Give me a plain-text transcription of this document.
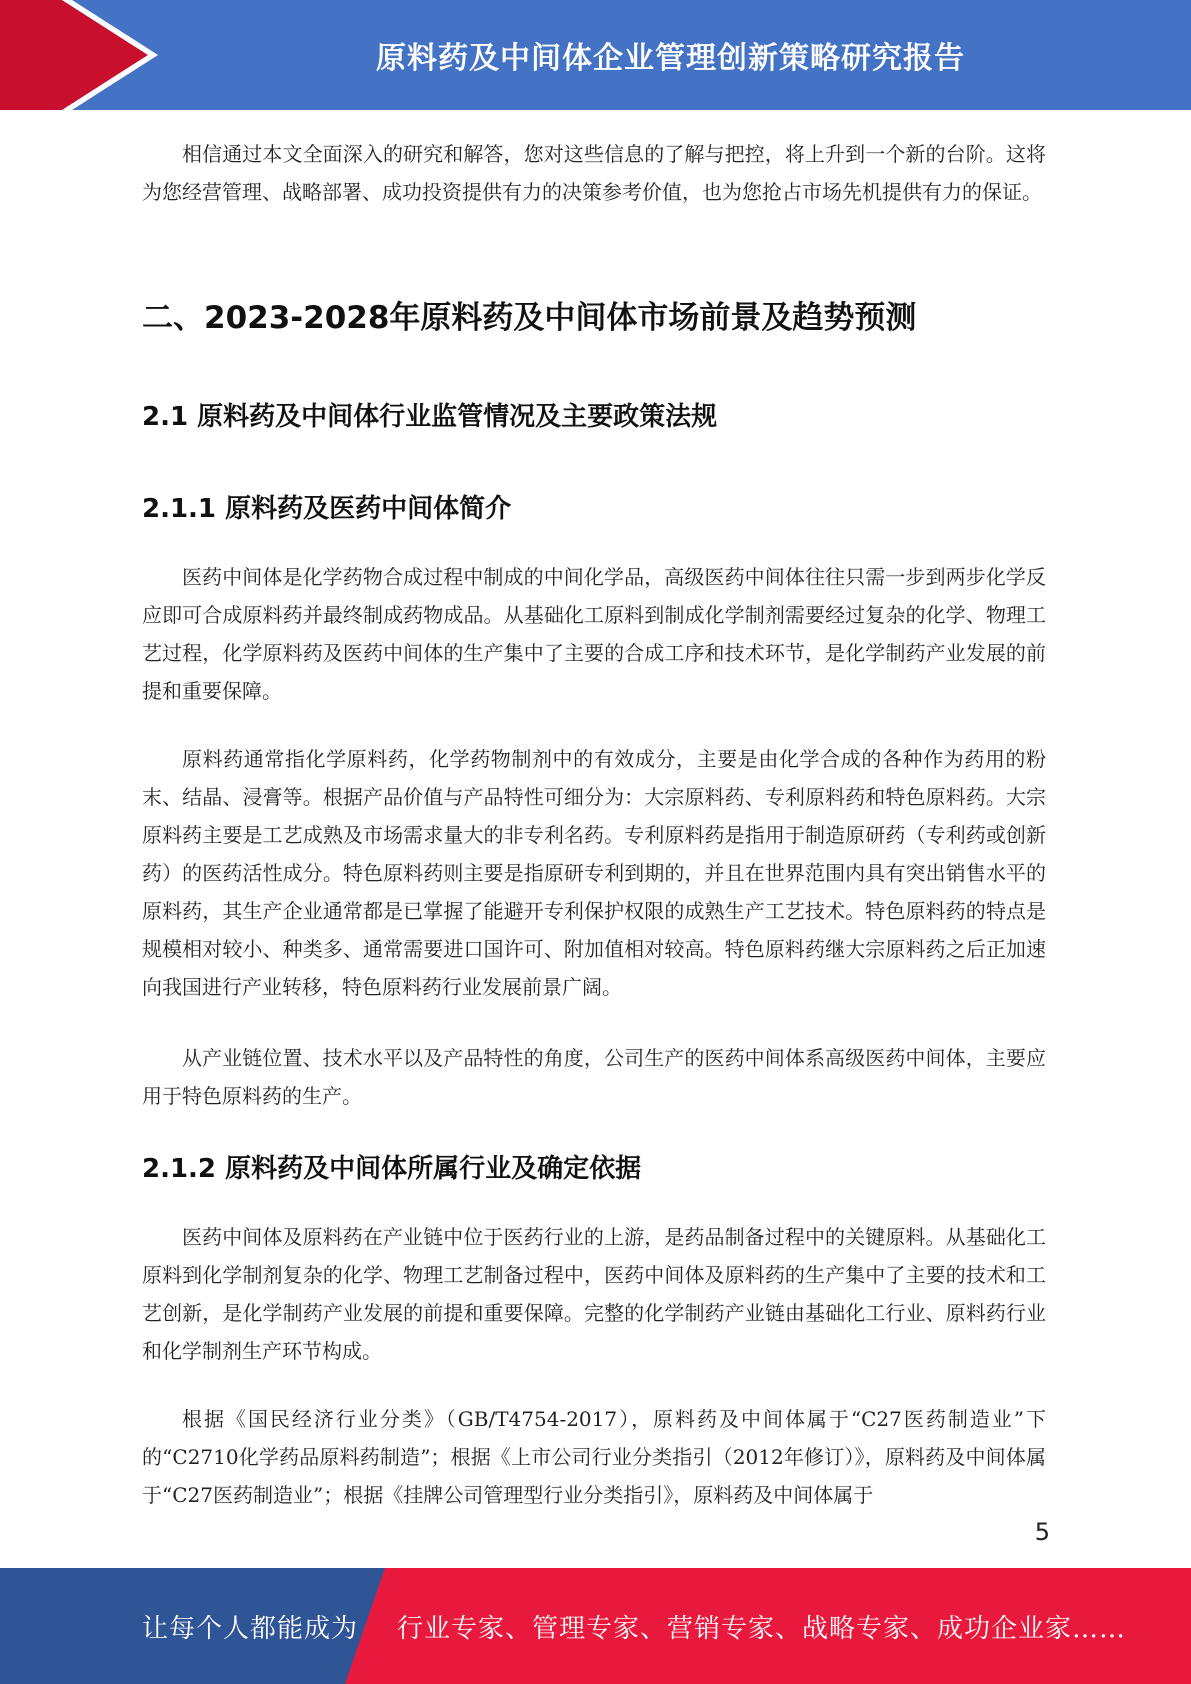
原料药及中间体企业管理创新策略研究报告

相信通过本文全面深入的研究和解答，您对这些信息的了解与把控，将上升到一个新的台阶。这将为您经营管理、战略部署、成功投资提供有力的决策参考价值，也为您抢占市场先机提供有力的保证。

二、2023-2028年原料药及中间体市场前景及趋势预测
2.1 原料药及中间体行业监管情况及主要政策法规
2.1.1 原料药及医药中间体简介

医药中间体是化学药物合成过程中制成的中间化学品，高级医药中间体往往只需一步到两步化学反应即可合成原料药并最终制成药物成品。从基础化工原料到制成化学制剂需要经过复杂的化学、物理工艺过程，化学原料药及医药中间体的生产集中了主要的合成工序和技术环节，是化学制药产业发展的前提和重要保障。

原料药通常指化学原料药，化学药物制剂中的有效成分，主要是由化学合成的各种作为药用的粉末、结晶、浸膏等。根据产品价值与产品特性可细分为：大宗原料药、专利原料药和特色原料药。大宗原料药主要是工艺成熟及市场需求量大的非专利名药。专利原料药是指用于制造原研药（专利药或创新药）的医药活性成分。特色原料药则主要是指原研专利到期的，并且在世界范围内具有突出销售水平的原料药，其生产企业通常都是已掌握了能避开专利保护权限的成熟生产工艺技术。特色原料药的特点是规模相对较小、种类多、通常需要进口国许可、附加值相对较高。特色原料药继大宗原料药之后正加速向我国进行产业转移，特色原料药行业发展前景广阔。

从产业链位置、技术水平以及产品特性的角度，公司生产的医药中间体系高级医药中间体，主要应用于特色原料药的生产。

2.1.2 原料药及中间体所属行业及确定依据

医药中间体及原料药在产业链中位于医药行业的上游，是药品制备过程中的关键原料。从基础化工原料到化学制剂复杂的化学、物理工艺制备过程中，医药中间体及原料药的生产集中了主要的技术和工艺创新，是化学制药产业发展的前提和重要保障。完整的化学制药产业链由基础化工行业、原料药行业和化学制剂生产环节构成。

根据《国民经济行业分类》（GB/T4754-2017），原料药及中间体属于“C27医药制造业”下的“C2710化学药品原料药制造”；根据《上市公司行业分类指引（2012年修订）》，原料药及中间体属于“C27医药制造业”；根据《挂牌公司管理型行业分类指引》，原料药及中间体属于

5
让每个人都能成为 行业专家、管理专家、营销专家、战略专家、成功企业家……
